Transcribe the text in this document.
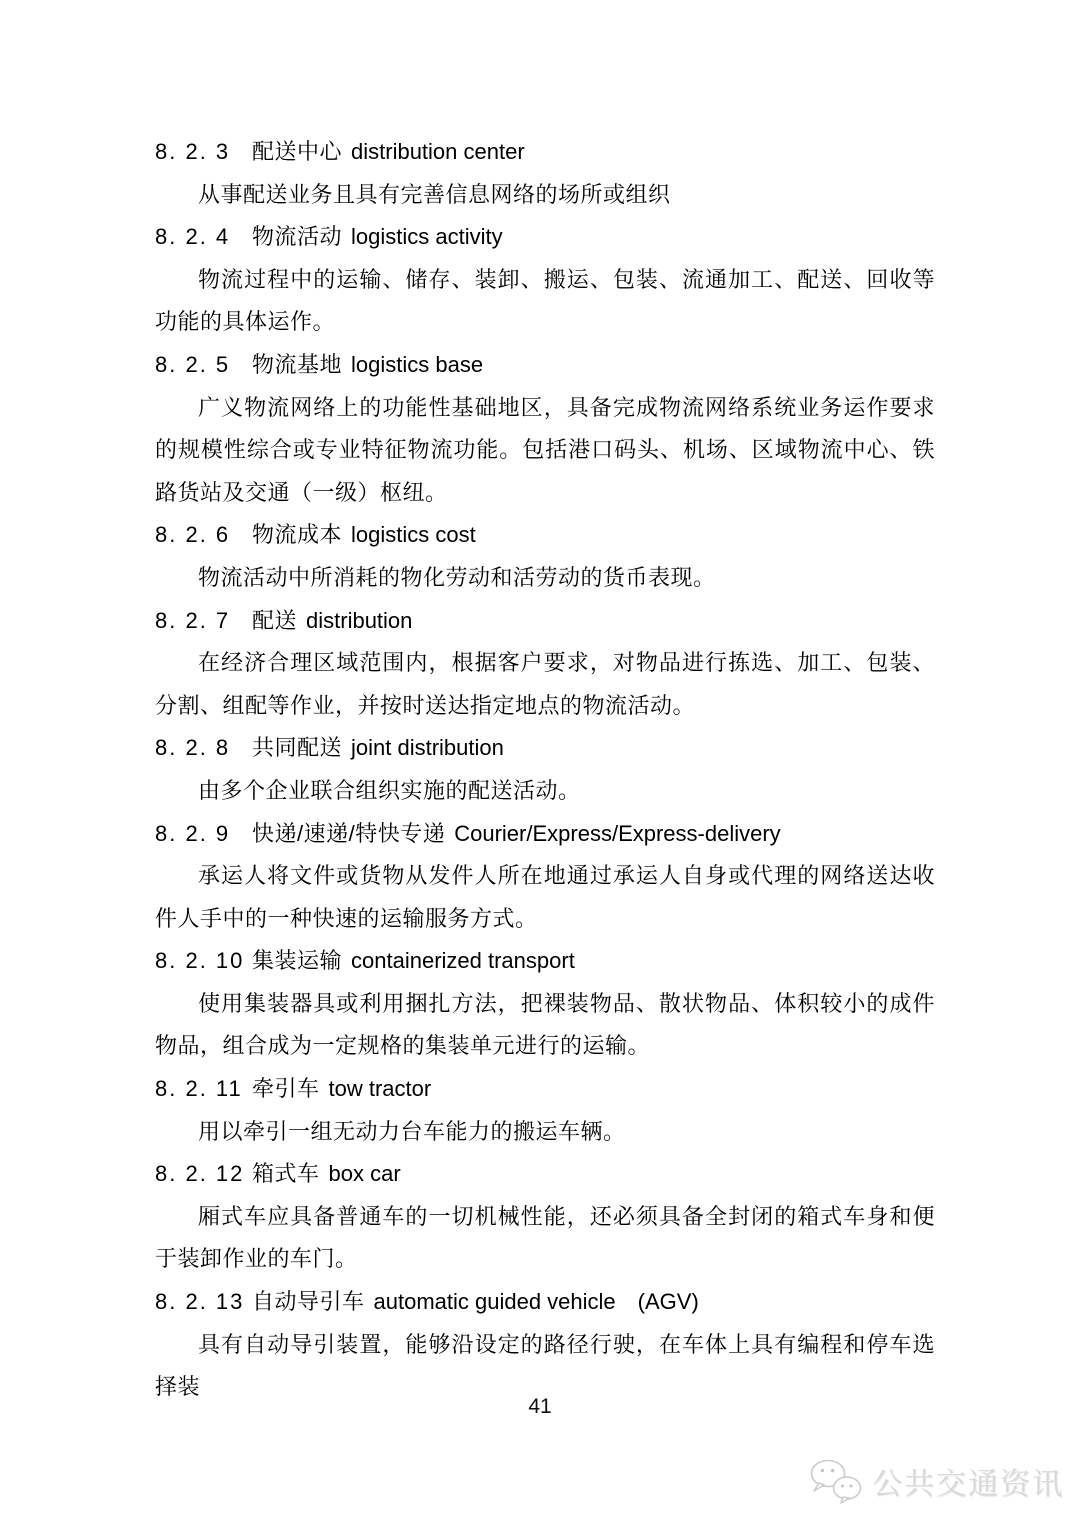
8. 2. 3 配送中心 distribution center

从事配送业务且具有完善信息网络的场所或组织

8. 2. 4 物流活动 logistics activity

物流过程中的运输、储存、装卸、搬运、包装、流通加工、配送、回收等功能的具体运作。

8. 2. 5 物流基地 logistics base

广义物流网络上的功能性基础地区，具备完成物流网络系统业务运作要求的规模性综合或专业特征物流功能。包括港口码头、机场、区域物流中心、铁路货站及交通（一级）枢纽。

8. 2. 6 物流成本 logistics cost

物流活动中所消耗的物化劳动和活劳动的货币表现。

8. 2. 7 配送 distribution

在经济合理区域范围内，根据客户要求，对物品进行拣选、加工、包装、分割、组配等作业，并按时送达指定地点的物流活动。

8. 2. 8 共同配送 joint distribution

由多个企业联合组织实施的配送活动。

8. 2. 9 快递/速递/特快专递 Courier/Express/Express-delivery

承运人将文件或货物从发件人所在地通过承运人自身或代理的网络送达收件人手中的一种快速的运输服务方式。

8. 2. 10 集装运输 containerized transport

使用集装器具或利用捆扎方法，把裸装物品、散状物品、体积较小的成件物品，组合成为一定规格的集装单元进行的运输。

8. 2. 11 牵引车 tow tractor

用以牵引一组无动力台车能力的搬运车辆。

8. 2. 12 箱式车 box car

厢式车应具备普通车的一切机械性能，还必须具备全封闭的箱式车身和便于装卸作业的车门。

8. 2. 13 自动导引车 automatic guided vehicle　(AGV)

具有自动导引装置，能够沿设定的路径行驶，在车体上具有编程和停车选择装

41
公共交通资讯
